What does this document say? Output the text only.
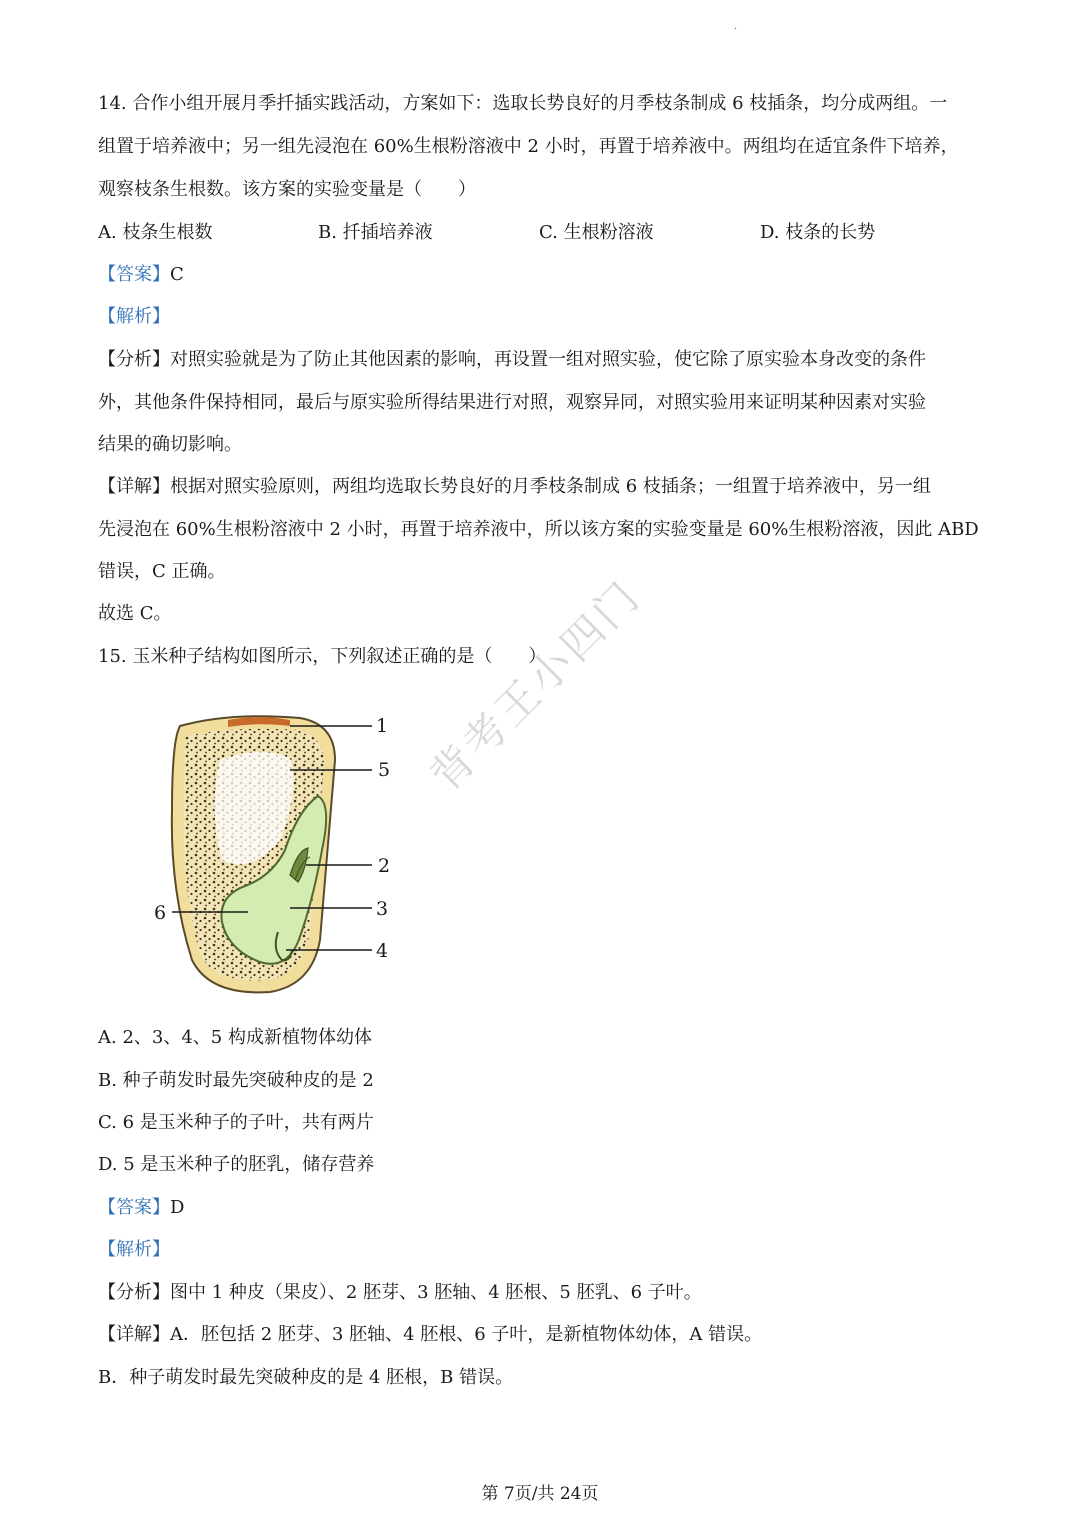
·

14. 合作小组开展月季扦插实践活动，方案如下：选取长势良好的月季枝条制成 6 枝插条，均分成两组。一

组置于培养液中；另一组先浸泡在 60%生根粉溶液中 2 小时，再置于培养液中。两组均在适宜条件下培养，

观察枝条生根数。该方案的实验变量是（　　）

A. 枝条生根数	B. 扦插培养液	C. 生根粉溶液	D. 枝条的长势

【答案】C

【解析】

【分析】对照实验就是为了防止其他因素的影响，再设置一组对照实验，使它除了原实验本身改变的条件

外，其他条件保持相同，最后与原实验所得结果进行对照，观察异同，对照实验用来证明某种因素对实验

结果的确切影响。

【详解】根据对照实验原则，两组均选取长势良好的月季枝条制成 6 枝插条；一组置于培养液中，另一组

先浸泡在 60%生根粉溶液中 2 小时，再置于培养液中，所以该方案的实验变量是 60%生根粉溶液，因此 ABD

错误，C 正确。

故选 C。

15. 玉米种子结构如图所示，下列叙述正确的是（　　）

1
5
2
6	3
4
背考王小四门

A. 2、3、4、5 构成新植物体幼体

B. 种子萌发时最先突破种皮的是 2

C. 6 是玉米种子的子叶，共有两片

D. 5 是玉米种子的胚乳，储存营养

【答案】D

【解析】

【分析】图中 1 种皮（果皮）、2 胚芽、3 胚轴、4 胚根、5 胚乳、6 子叶。

【详解】A．胚包括 2 胚芽、3 胚轴、4 胚根、6 子叶，是新植物体幼体，A 错误。

B．种子萌发时最先突破种皮的是 4 胚根，B 错误。

第 7页/共 24页
